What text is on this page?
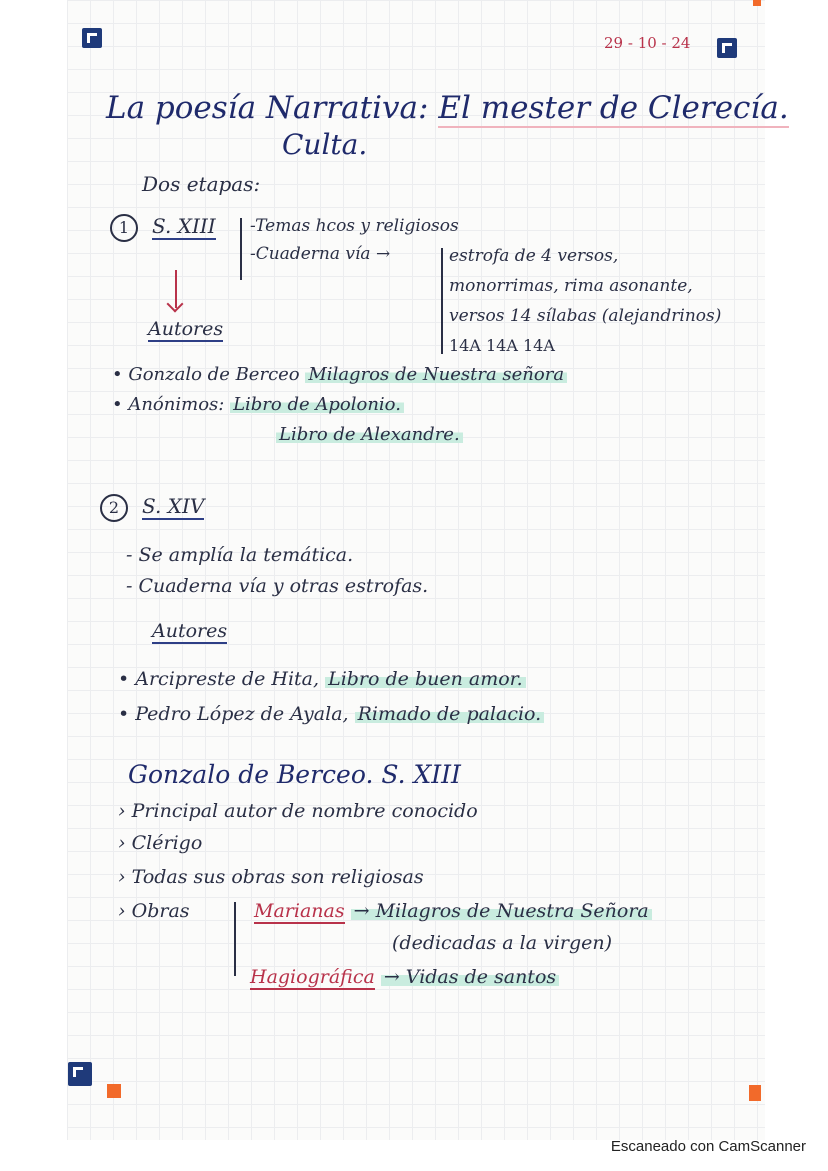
29 - 10 - 24
La poesía Narrativa: El mester de Clerecía.
Culta.
Dos etapas:
1 S. XIII -Temas hcos y religiosos
-Cuaderna vía →	estrofa de 4 versos,
monorrimas, rima asonante,
versos 14 sílabas (alejandrinos)
14A 14A 14A
Autores
• Gonzalo de Berceo Milagros de Nuestra señora
• Anónimos: Libro de Apolonio.
Libro de Alexandre.
2 S. XIV
- Se amplía la temática.
- Cuaderna vía y otras estrofas.
Autores
• Arcipreste de Hita, Libro de buen amor.
• Pedro López de Ayala, Rimado de palacio.
Gonzalo de Berceo. S. XIII
› Principal autor de nombre conocido
› Clérigo
› Todas sus obras son religiosas
› Obras	Marianas → Milagros de Nuestra Señora
(dedicadas a la virgen)
Hagiográfica → Vidas de santos
Escaneado con CamScanner
